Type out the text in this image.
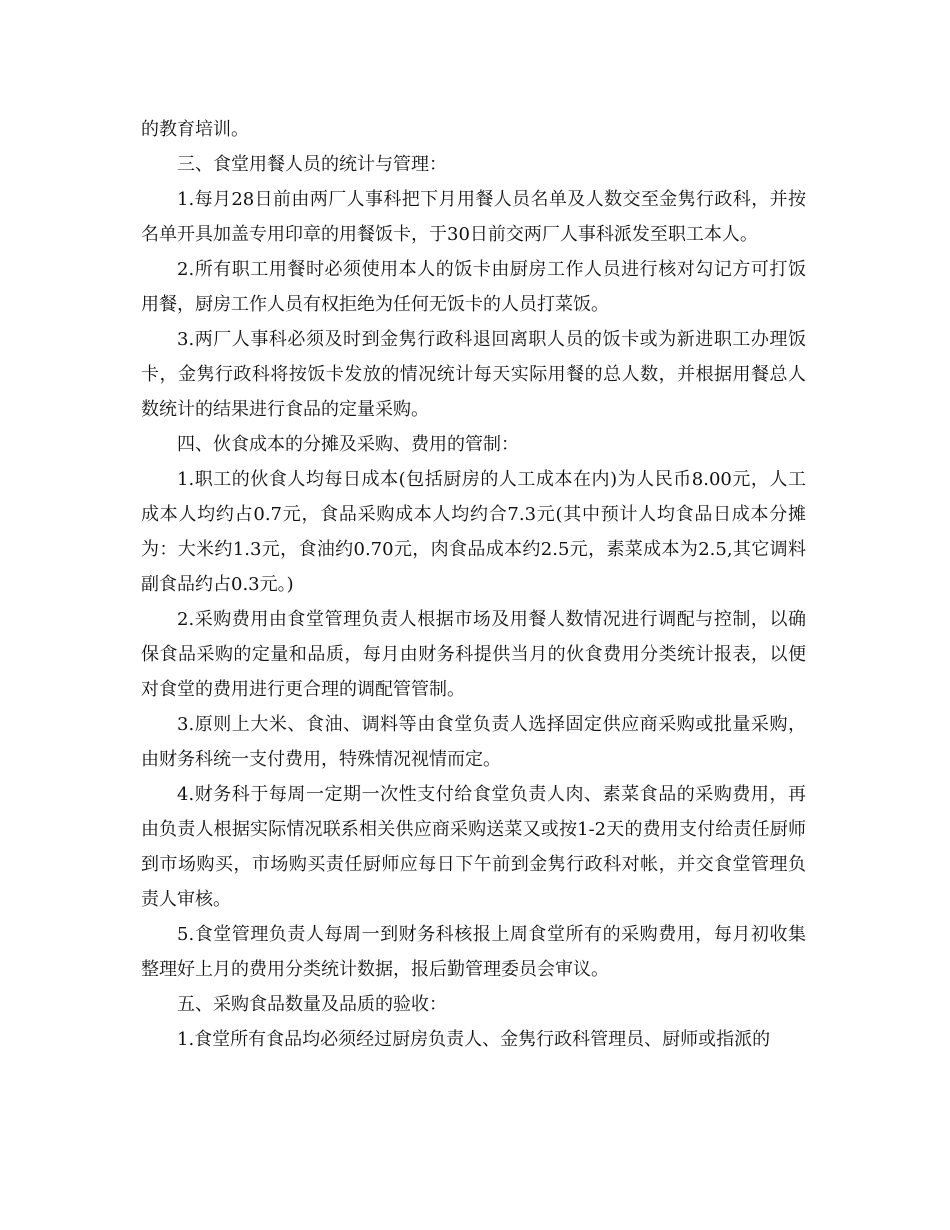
的教育培训。

三、食堂用餐人员的统计与管理：

1.每月28日前由两厂人事科把下月用餐人员名单及人数交至金隽行政科，并按名单开具加盖专用印章的用餐饭卡，于30日前交两厂人事科派发至职工本人。

2.所有职工用餐时必须使用本人的饭卡由厨房工作人员进行核对勾记方可打饭用餐，厨房工作人员有权拒绝为任何无饭卡的人员打菜饭。

3.两厂人事科必须及时到金隽行政科退回离职人员的饭卡或为新进职工办理饭卡，金隽行政科将按饭卡发放的情况统计每天实际用餐的总人数，并根据用餐总人数统计的结果进行食品的定量采购。

四、伙食成本的分摊及采购、费用的管制：

1.职工的伙食人均每日成本(包括厨房的人工成本在内)为人民币8.00元，人工成本人均约占0.7元，食品采购成本人均约合7.3元(其中预计人均食品日成本分摊为：大米约1.3元，食油约0.70元，肉食品成本约2.5元，素菜成本为2.5,其它调料副食品约占0.3元。)

2.采购费用由食堂管理负责人根据市场及用餐人数情况进行调配与控制，以确保食品采购的定量和品质，每月由财务科提供当月的伙食费用分类统计报表，以便对食堂的费用进行更合理的调配管管制。

3.原则上大米、食油、调料等由食堂负责人选择固定供应商采购或批量采购，由财务科统一支付费用，特殊情况视情而定。

4.财务科于每周一定期一次性支付给食堂负责人肉、素菜食品的采购费用，再由负责人根据实际情况联系相关供应商采购送菜又或按1-2天的费用支付给责任厨师到市场购买，市场购买责任厨师应每日下午前到金隽行政科对帐，并交食堂管理负责人审核。

5.食堂管理负责人每周一到财务科核报上周食堂所有的采购费用，每月初收集整理好上月的费用分类统计数据，报后勤管理委员会审议。

五、采购食品数量及品质的验收：

1.食堂所有食品均必须经过厨房负责人、金隽行政科管理员、厨师或指派的
